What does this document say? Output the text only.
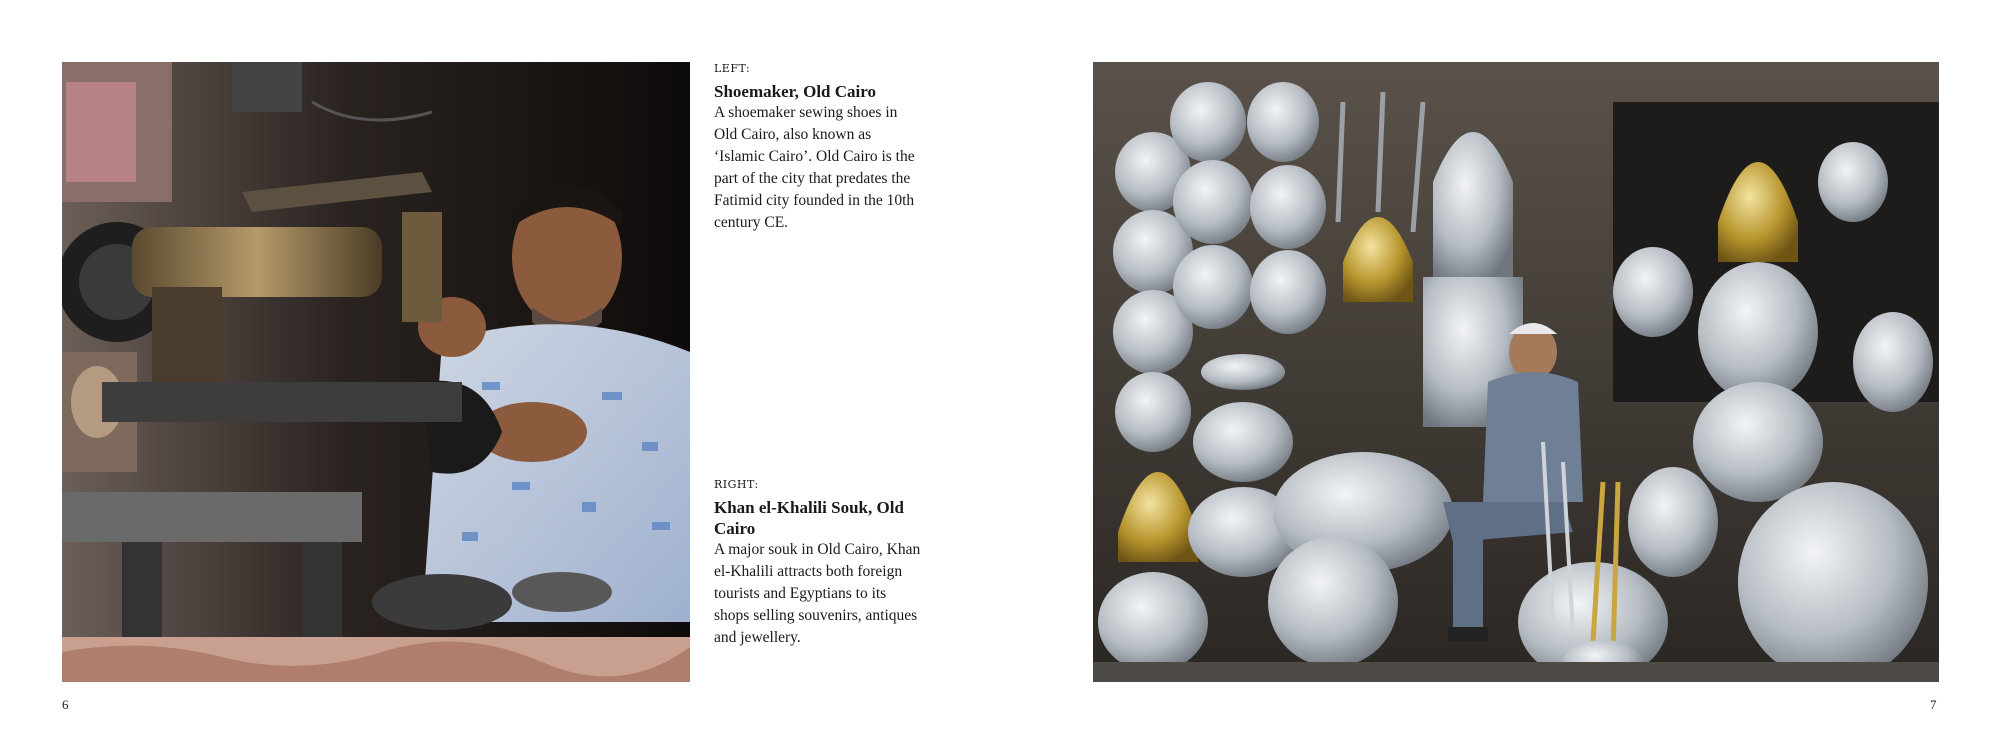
LEFT:

Shoemaker, Old Cairo

A shoemaker sewing shoes in Old Cairo, also known as ‘Islamic Cairo’. Old Cairo is the part of the city that predates the Fatimid city founded in the 10th century CE.

RIGHT:

Khan el-Khalili Souk, Old Cairo

A major souk in Old Cairo, Khan el-Khalili attracts both foreign tourists and Egyptians to its shops selling souvenirs, antiques and jewellery.

6	7
